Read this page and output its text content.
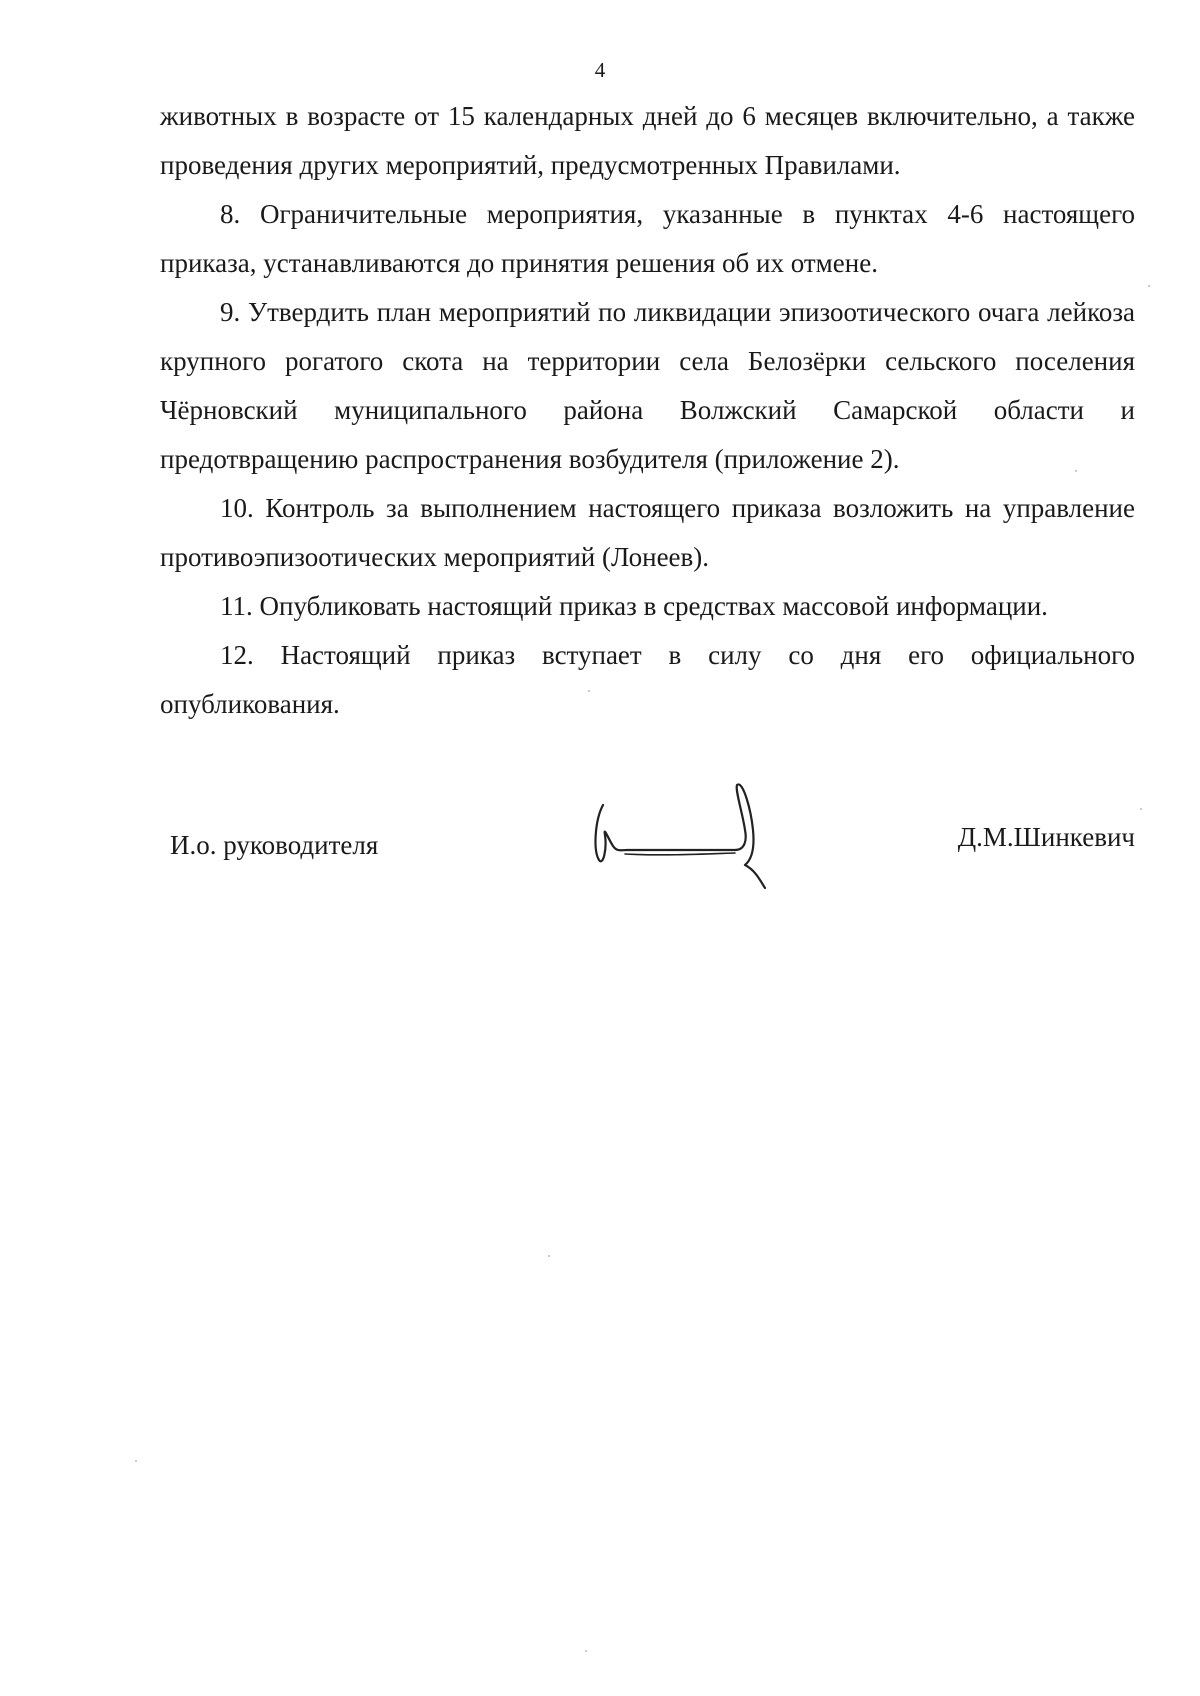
4

животных в возрасте от 15 календарных дней до 6 месяцев включительно, а также проведения других мероприятий, предусмотренных Правилами.

8. Ограничительные мероприятия, указанные в пунктах 4-6 настоящего приказа, устанавливаются до принятия решения об их отмене.

9. Утвердить план мероприятий по ликвидации эпизоотического очага лейкоза крупного рогатого скота на территории села Белозёрки сельского поселения Чёрновский муниципального района Волжский Самарской области и предотвращению распространения возбудителя (приложение 2).

10. Контроль за выполнением настоящего приказа возложить на управление противоэпизоотических мероприятий (Лонеев).

11. Опубликовать настоящий приказ в средствах массовой информации.

12. Настоящий приказ вступает в силу со дня его официального опубликования.

И.о. руководителя	Д.М.Шинкевич
